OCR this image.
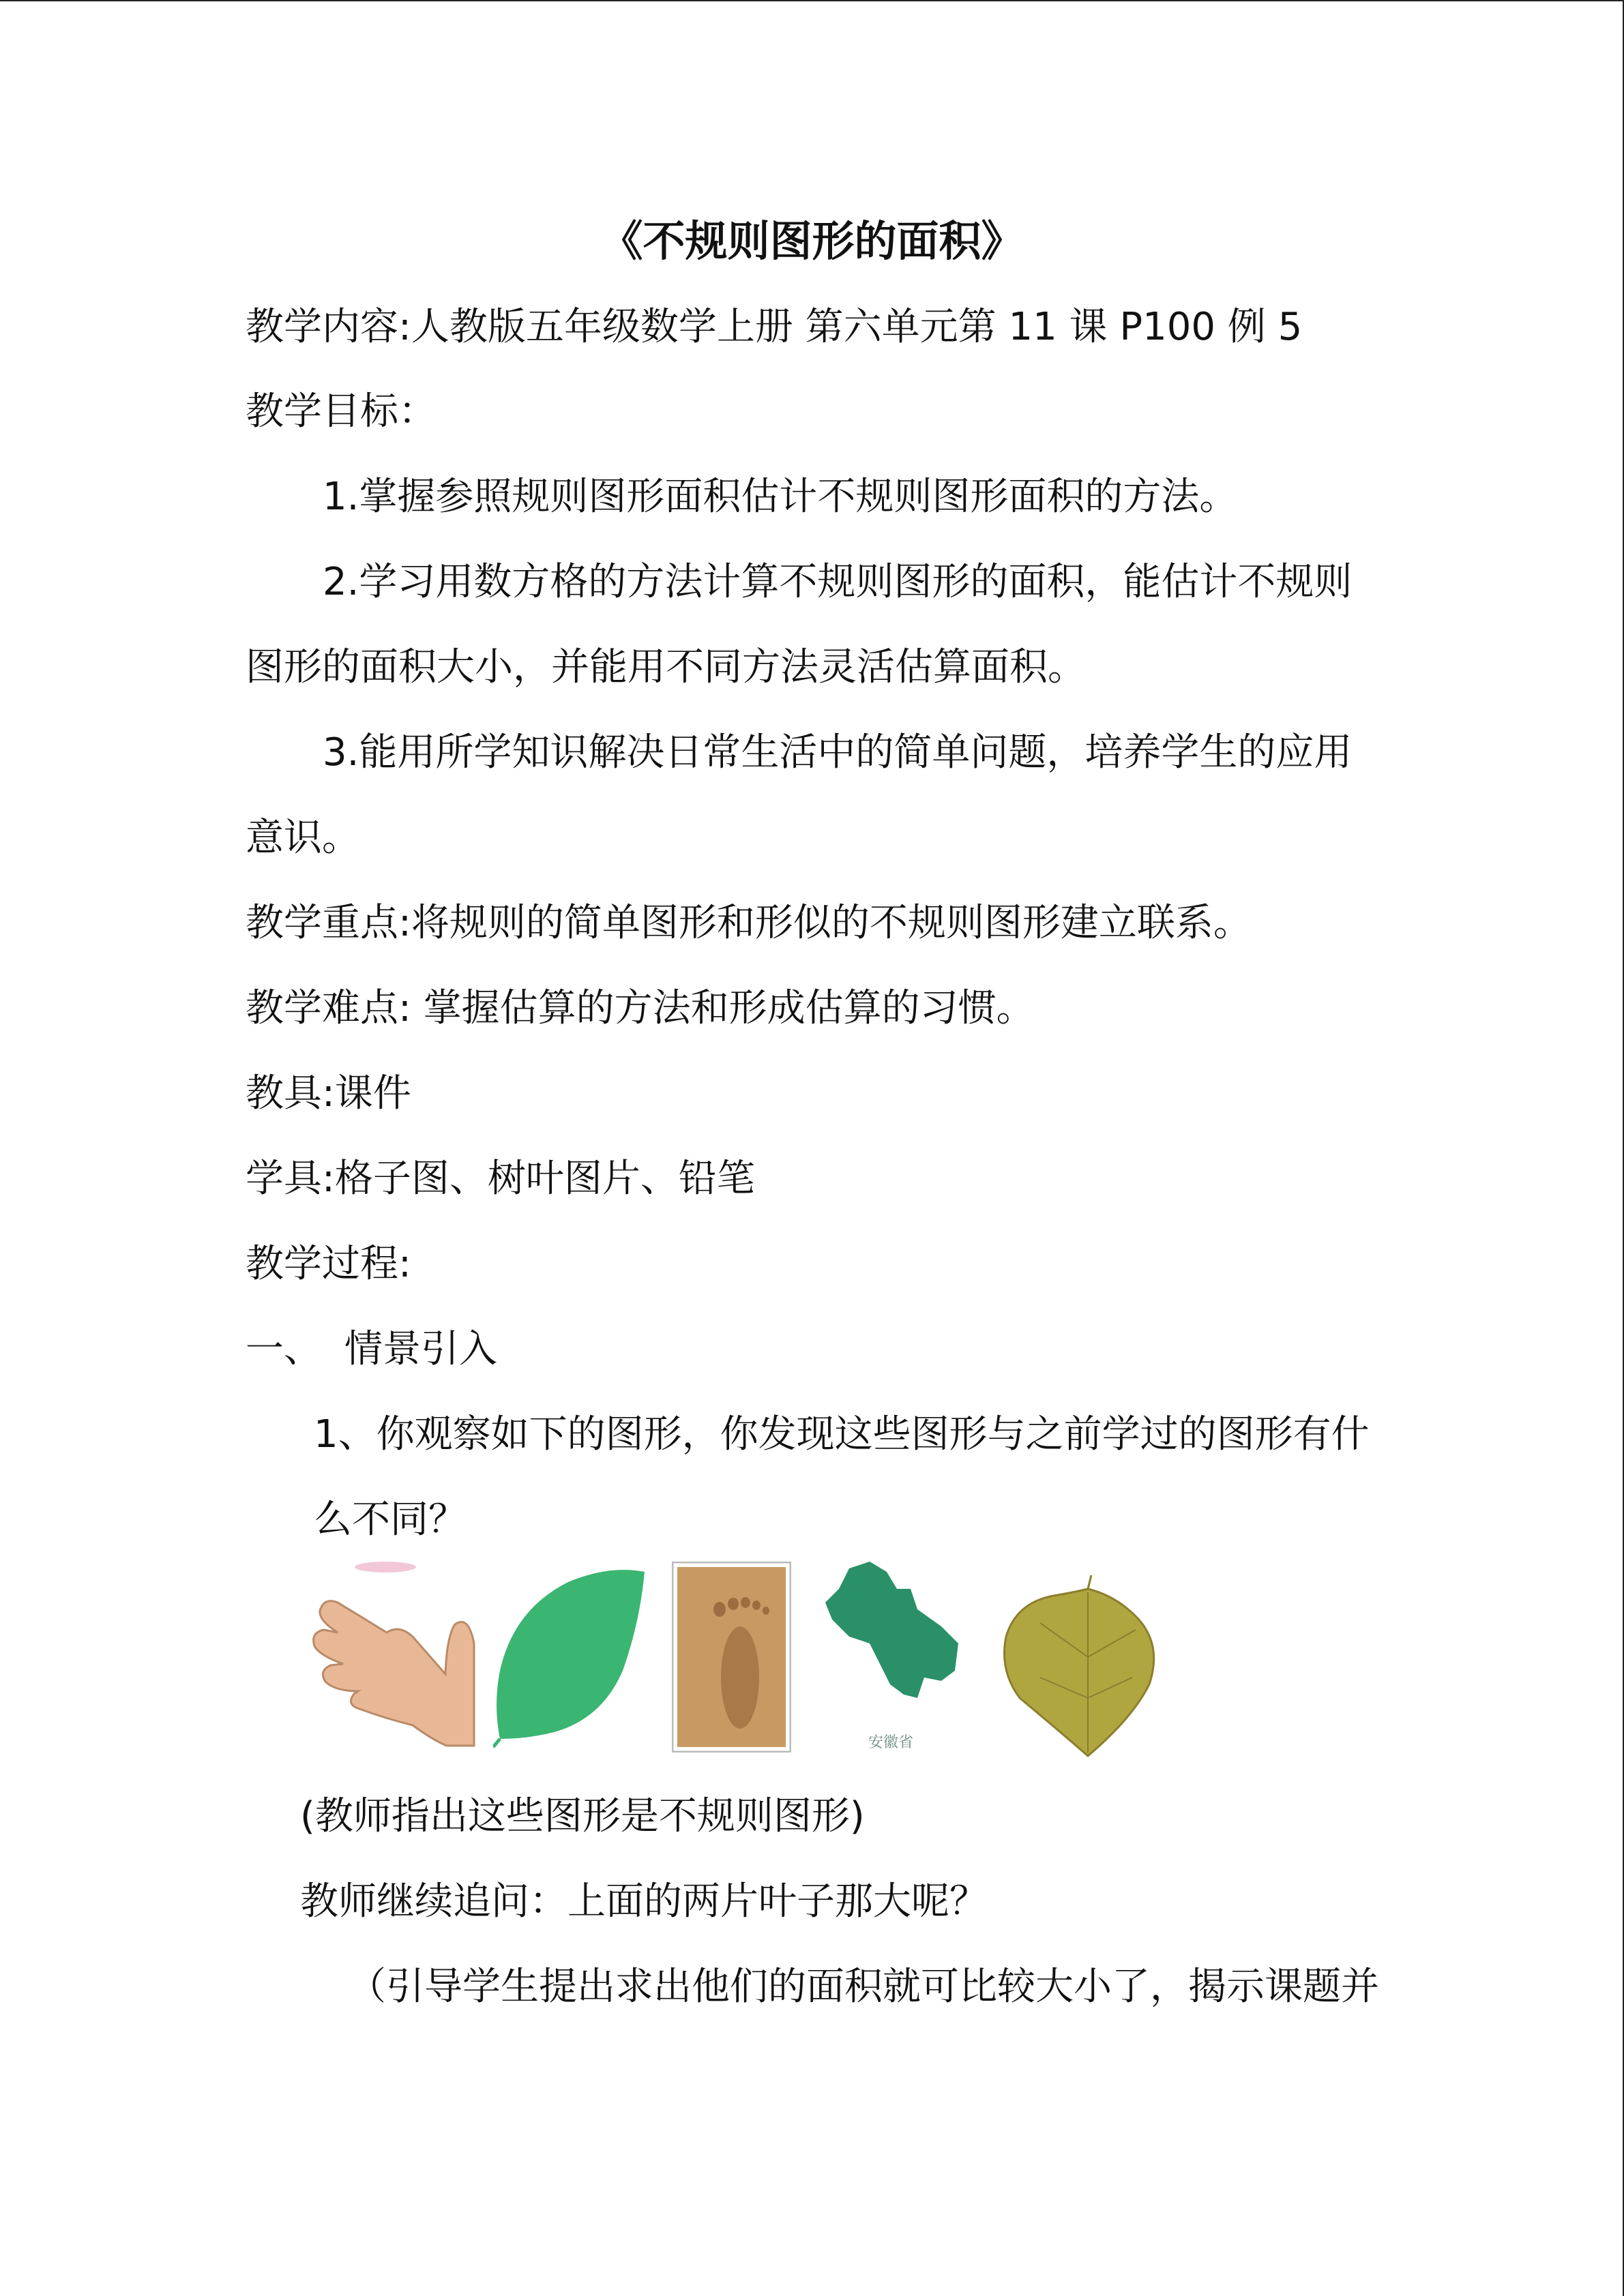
《不规则图形的面积》
教学内容:人教版五年级数学上册 第六单元第 11 课 P100 例 5
教学目标：
1.掌握参照规则图形面积估计不规则图形面积的方法。
2.学习用数方格的方法计算不规则图形的面积，能估计不规则
图形的面积大小，并能用不同方法灵活估算面积。
3.能用所学知识解决日常生活中的简单问题，培养学生的应用
意识。
教学重点:将规则的简单图形和形似的不规则图形建立联系。
教学难点: 掌握估算的方法和形成估算的习惯。
教具:课件
学具:格子图、树叶图片、铅笔
教学过程:
一、 情景引入
1、你观察如下的图形，你发现这些图形与之前学过的图形有什
么不同？
安徽省
(教师指出这些图形是不规则图形)
教师继续追问：上面的两片叶子那大呢？
（引导学生提出求出他们的面积就可比较大小了，揭示课题并
